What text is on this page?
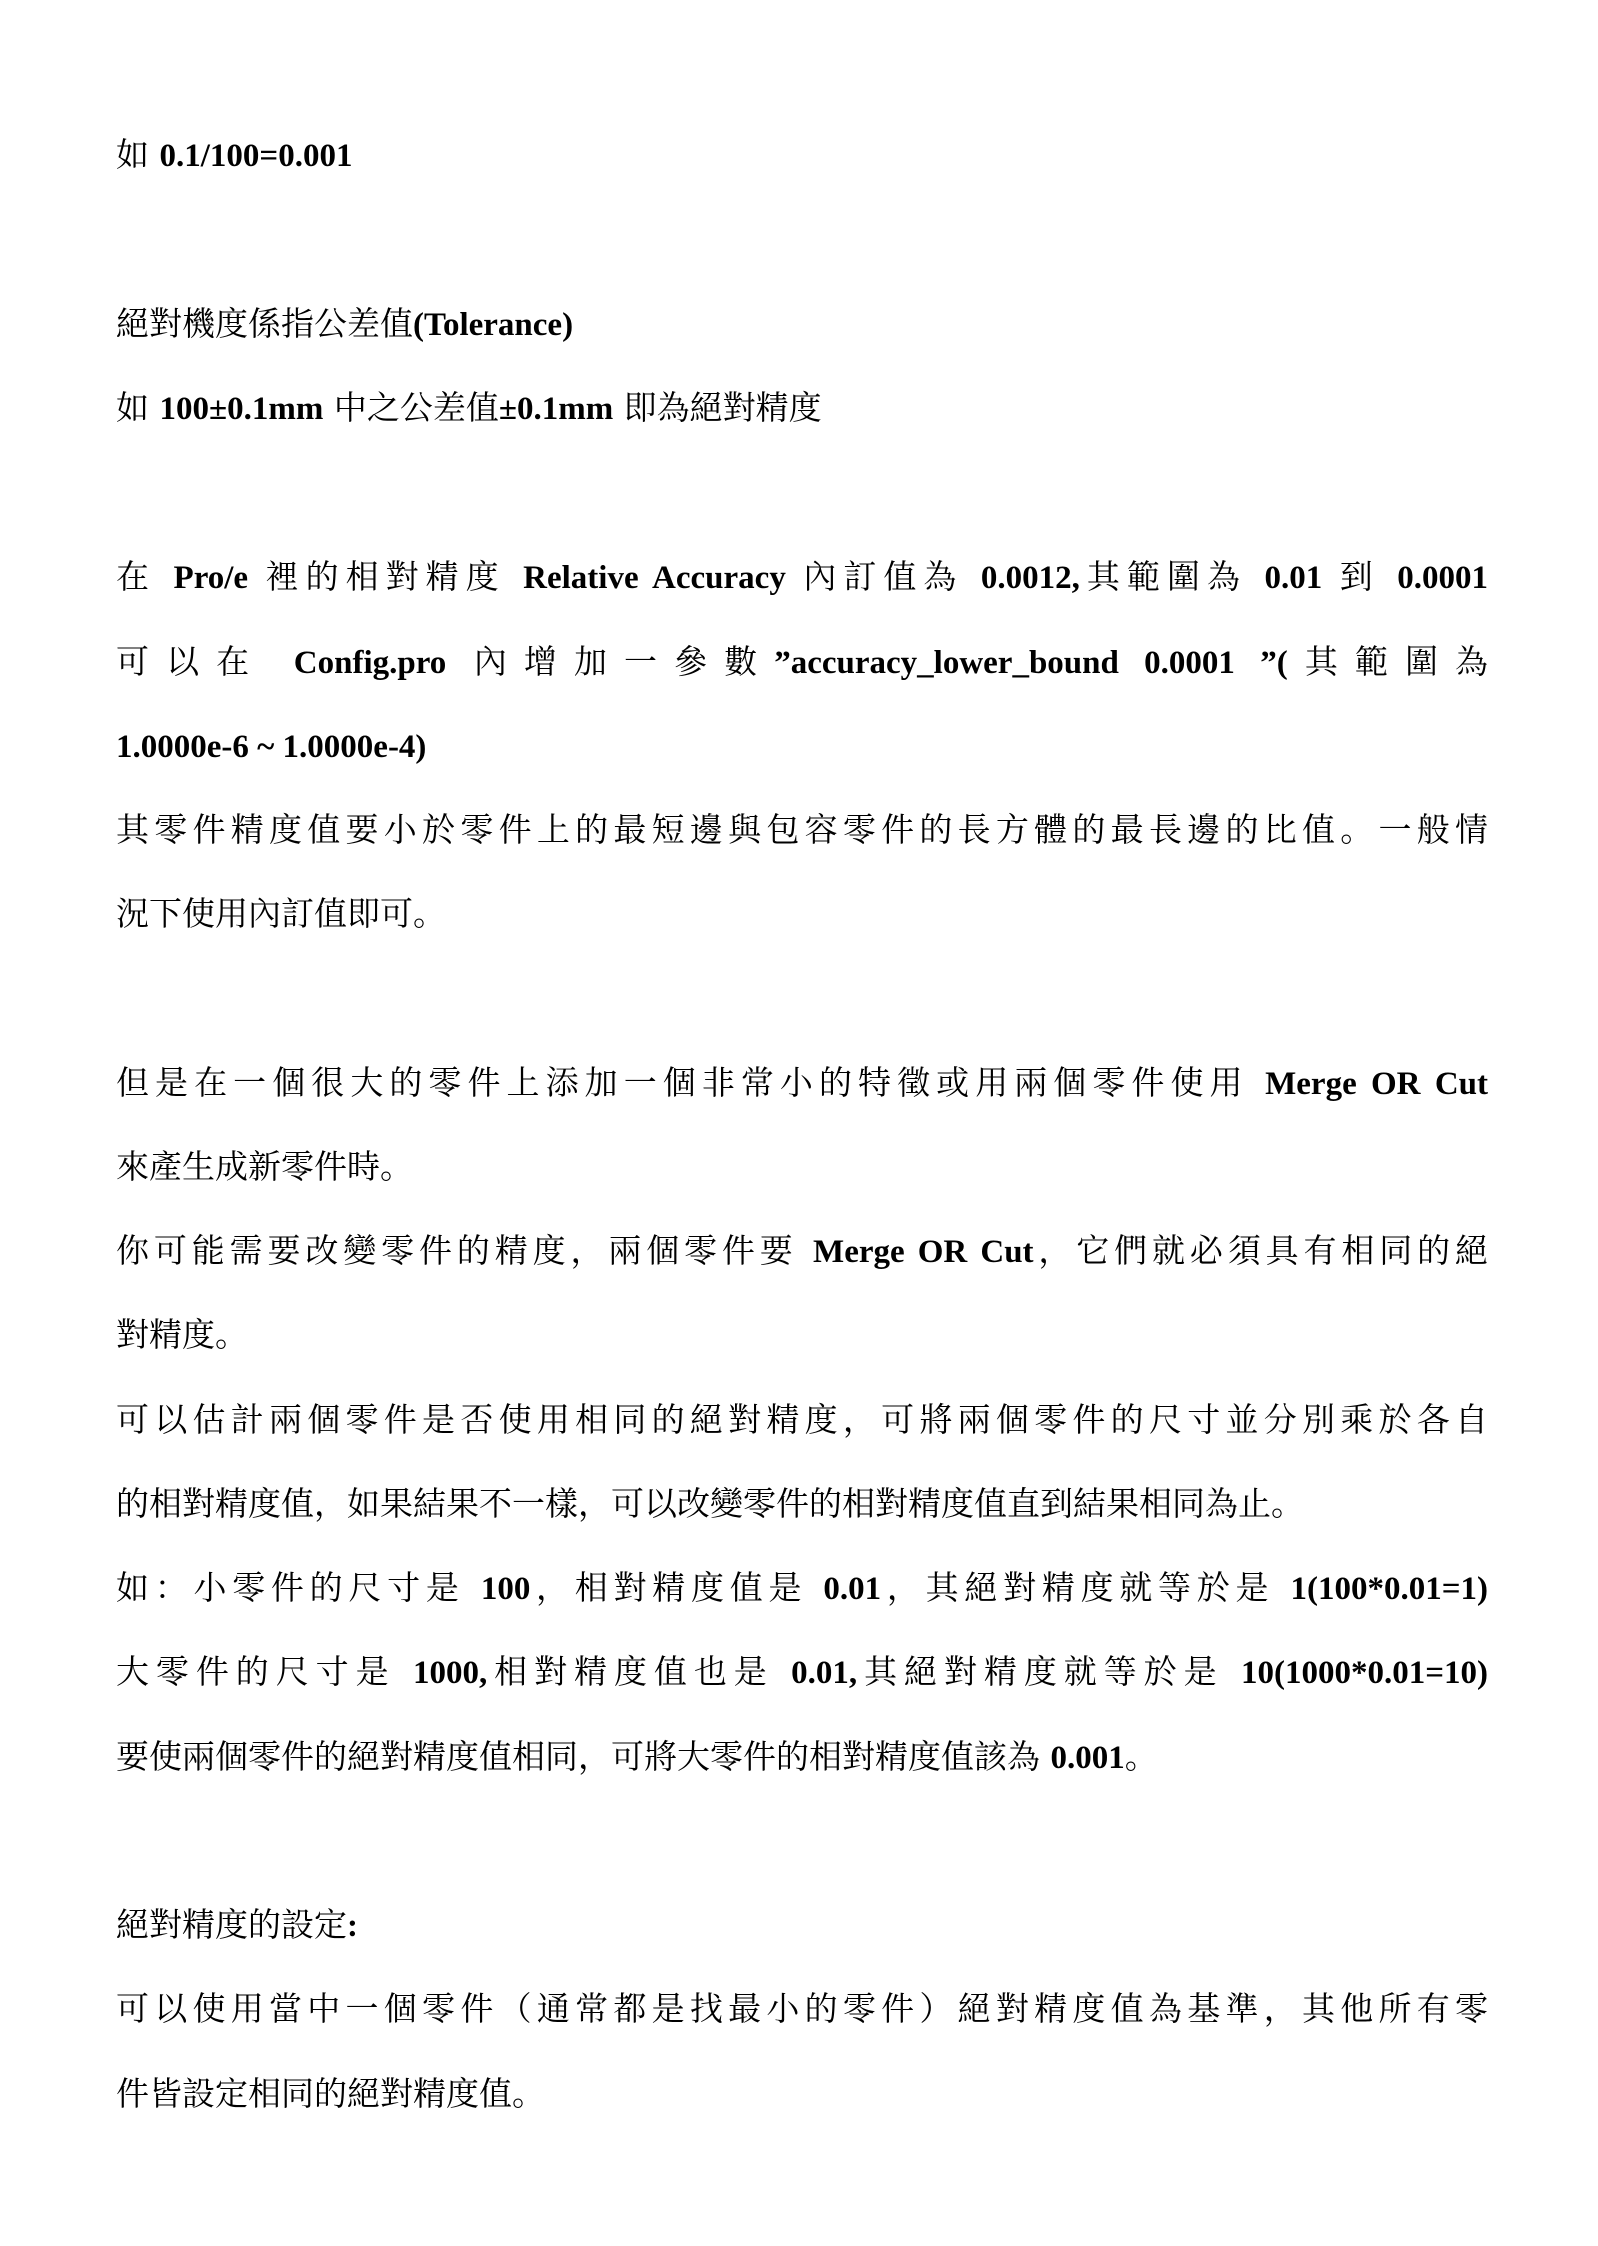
如 0.1/100=0.001
絕對機度係指公差值(Tolerance)
如 100±0.1mm 中之公差值±0.1mm 即為絕對精度
在 Pro/e 裡的相對精度 Relative Accuracy 內訂值為 0.0012,其範圍為 0.01 到 0.0001
可以在 Config.pro 內增加一參數”accuracy_lower_bound 0.0001 ”(其範圍為
1.0000e-6 ~ 1.0000e-4)
其零件精度值要小於零件上的最短邊與包容零件的長方體的最長邊的比值。一般情
況下使用內訂值即可。
但是在一個很大的零件上添加一個非常小的特徵或用兩個零件使用 Merge OR Cut
來產生成新零件時。
你可能需要改變零件的精度，兩個零件要 Merge OR Cut，它們就必須具有相同的絕
對精度。
可以估計兩個零件是否使用相同的絕對精度，可將兩個零件的尺寸並分別乘於各自
的相對精度值，如果結果不一樣，可以改變零件的相對精度值直到結果相同為止。
如：小零件的尺寸是 100，相對精度值是 0.01，其絕對精度就等於是 1(100*0.01=1)
大零件的尺寸是 1000,相對精度值也是 0.01,其絕對精度就等於是 10(1000*0.01=10)
要使兩個零件的絕對精度值相同，可將大零件的相對精度值該為 0.001。
絕對精度的設定:
可以使用當中一個零件（通常都是找最小的零件）絕對精度值為基準，其他所有零
件皆設定相同的絕對精度值。
